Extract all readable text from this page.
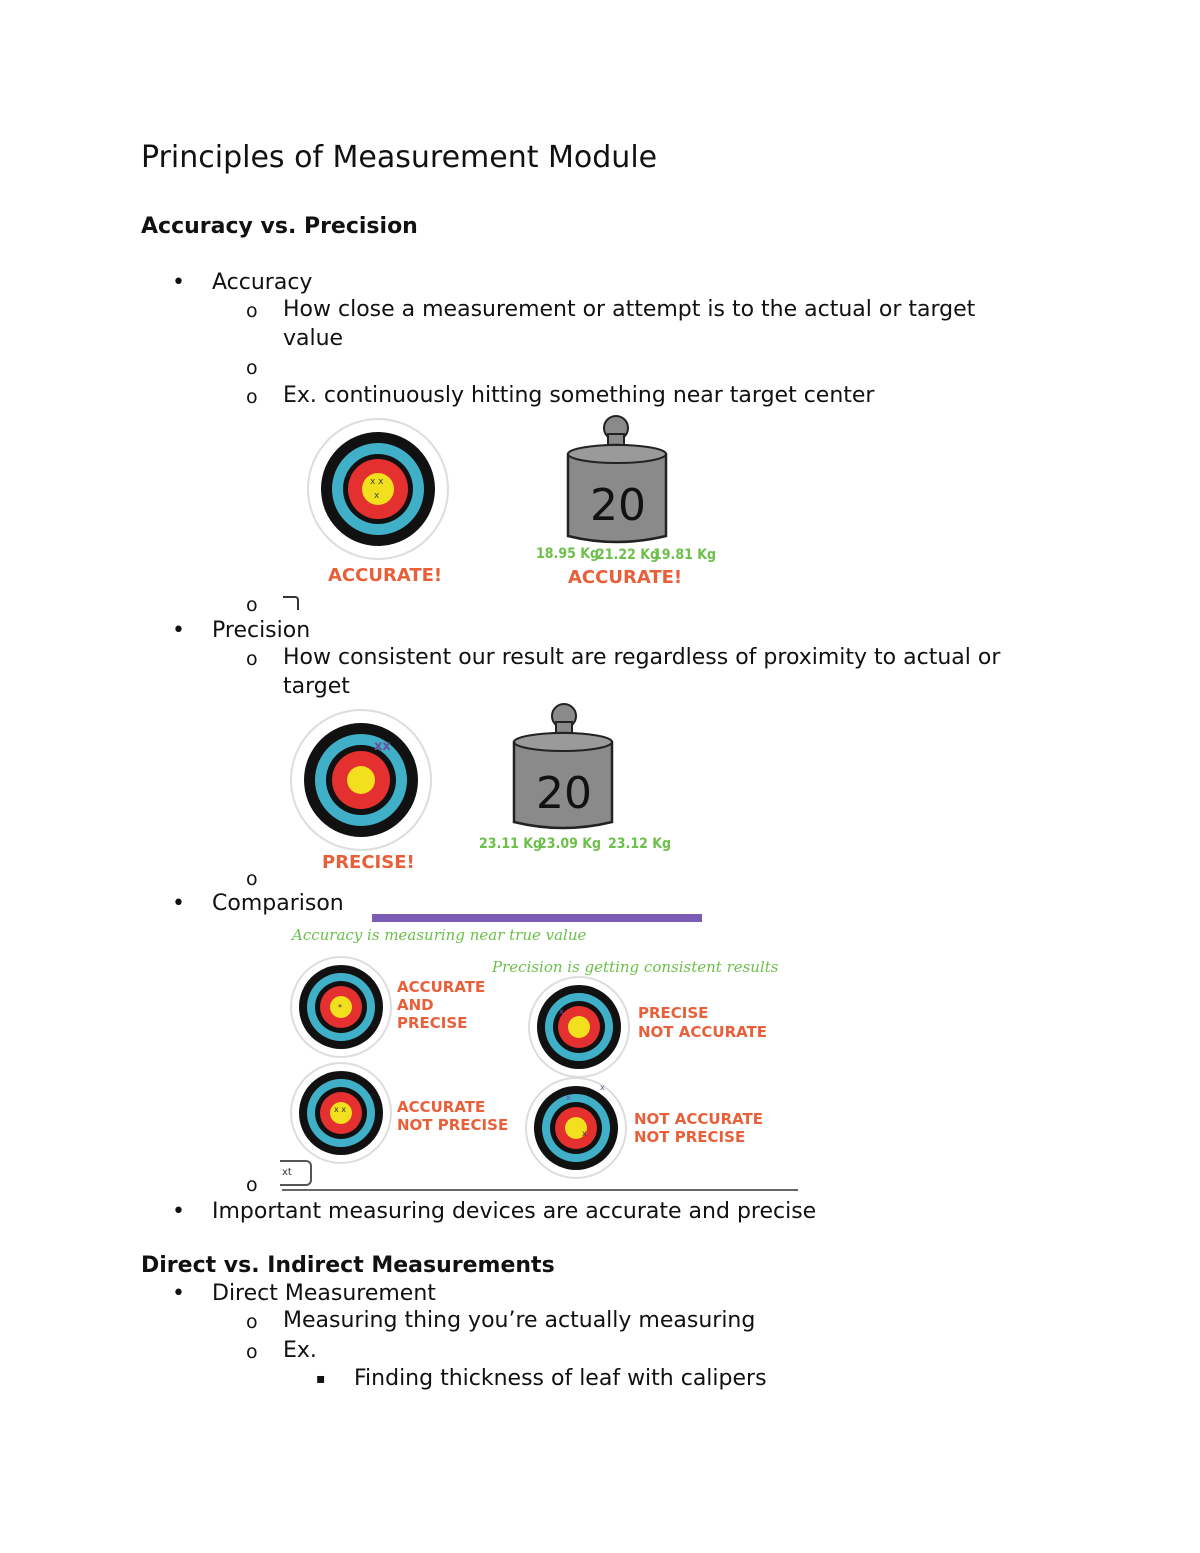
Principles of Measurement Module
Accuracy vs. Precision
• Accuracy
o How close a measurement or attempt is to the actual or target
value
o
o Ex. continuously hitting something near target center
x x
x
ACCURATE!
20
18.95 Kg
21.22 Kg
19.81 Kg
ACCURATE!
o
• Precision
o How consistent our result are regardless of proximity to actual or
target
xx
PRECISE!
20
23.11 Kg
23.09 Kg 23.12 Kg
o
• Comparison
*	x
x x
x
x
x
Accuracy is measuring near true value
Precision is getting consistent results
ACCURATE
AND
PRECISE
PRECISE
NOT ACCURATE
ACCURATE
NOT PRECISE	NOT ACCURATE
NOT PRECISE
xt
o
• Important measuring devices are accurate and precise
Direct vs. Indirect Measurements
• Direct Measurement
o Measuring thing you’re actually measuring
o Ex.
▪ Finding thickness of leaf with calipers
